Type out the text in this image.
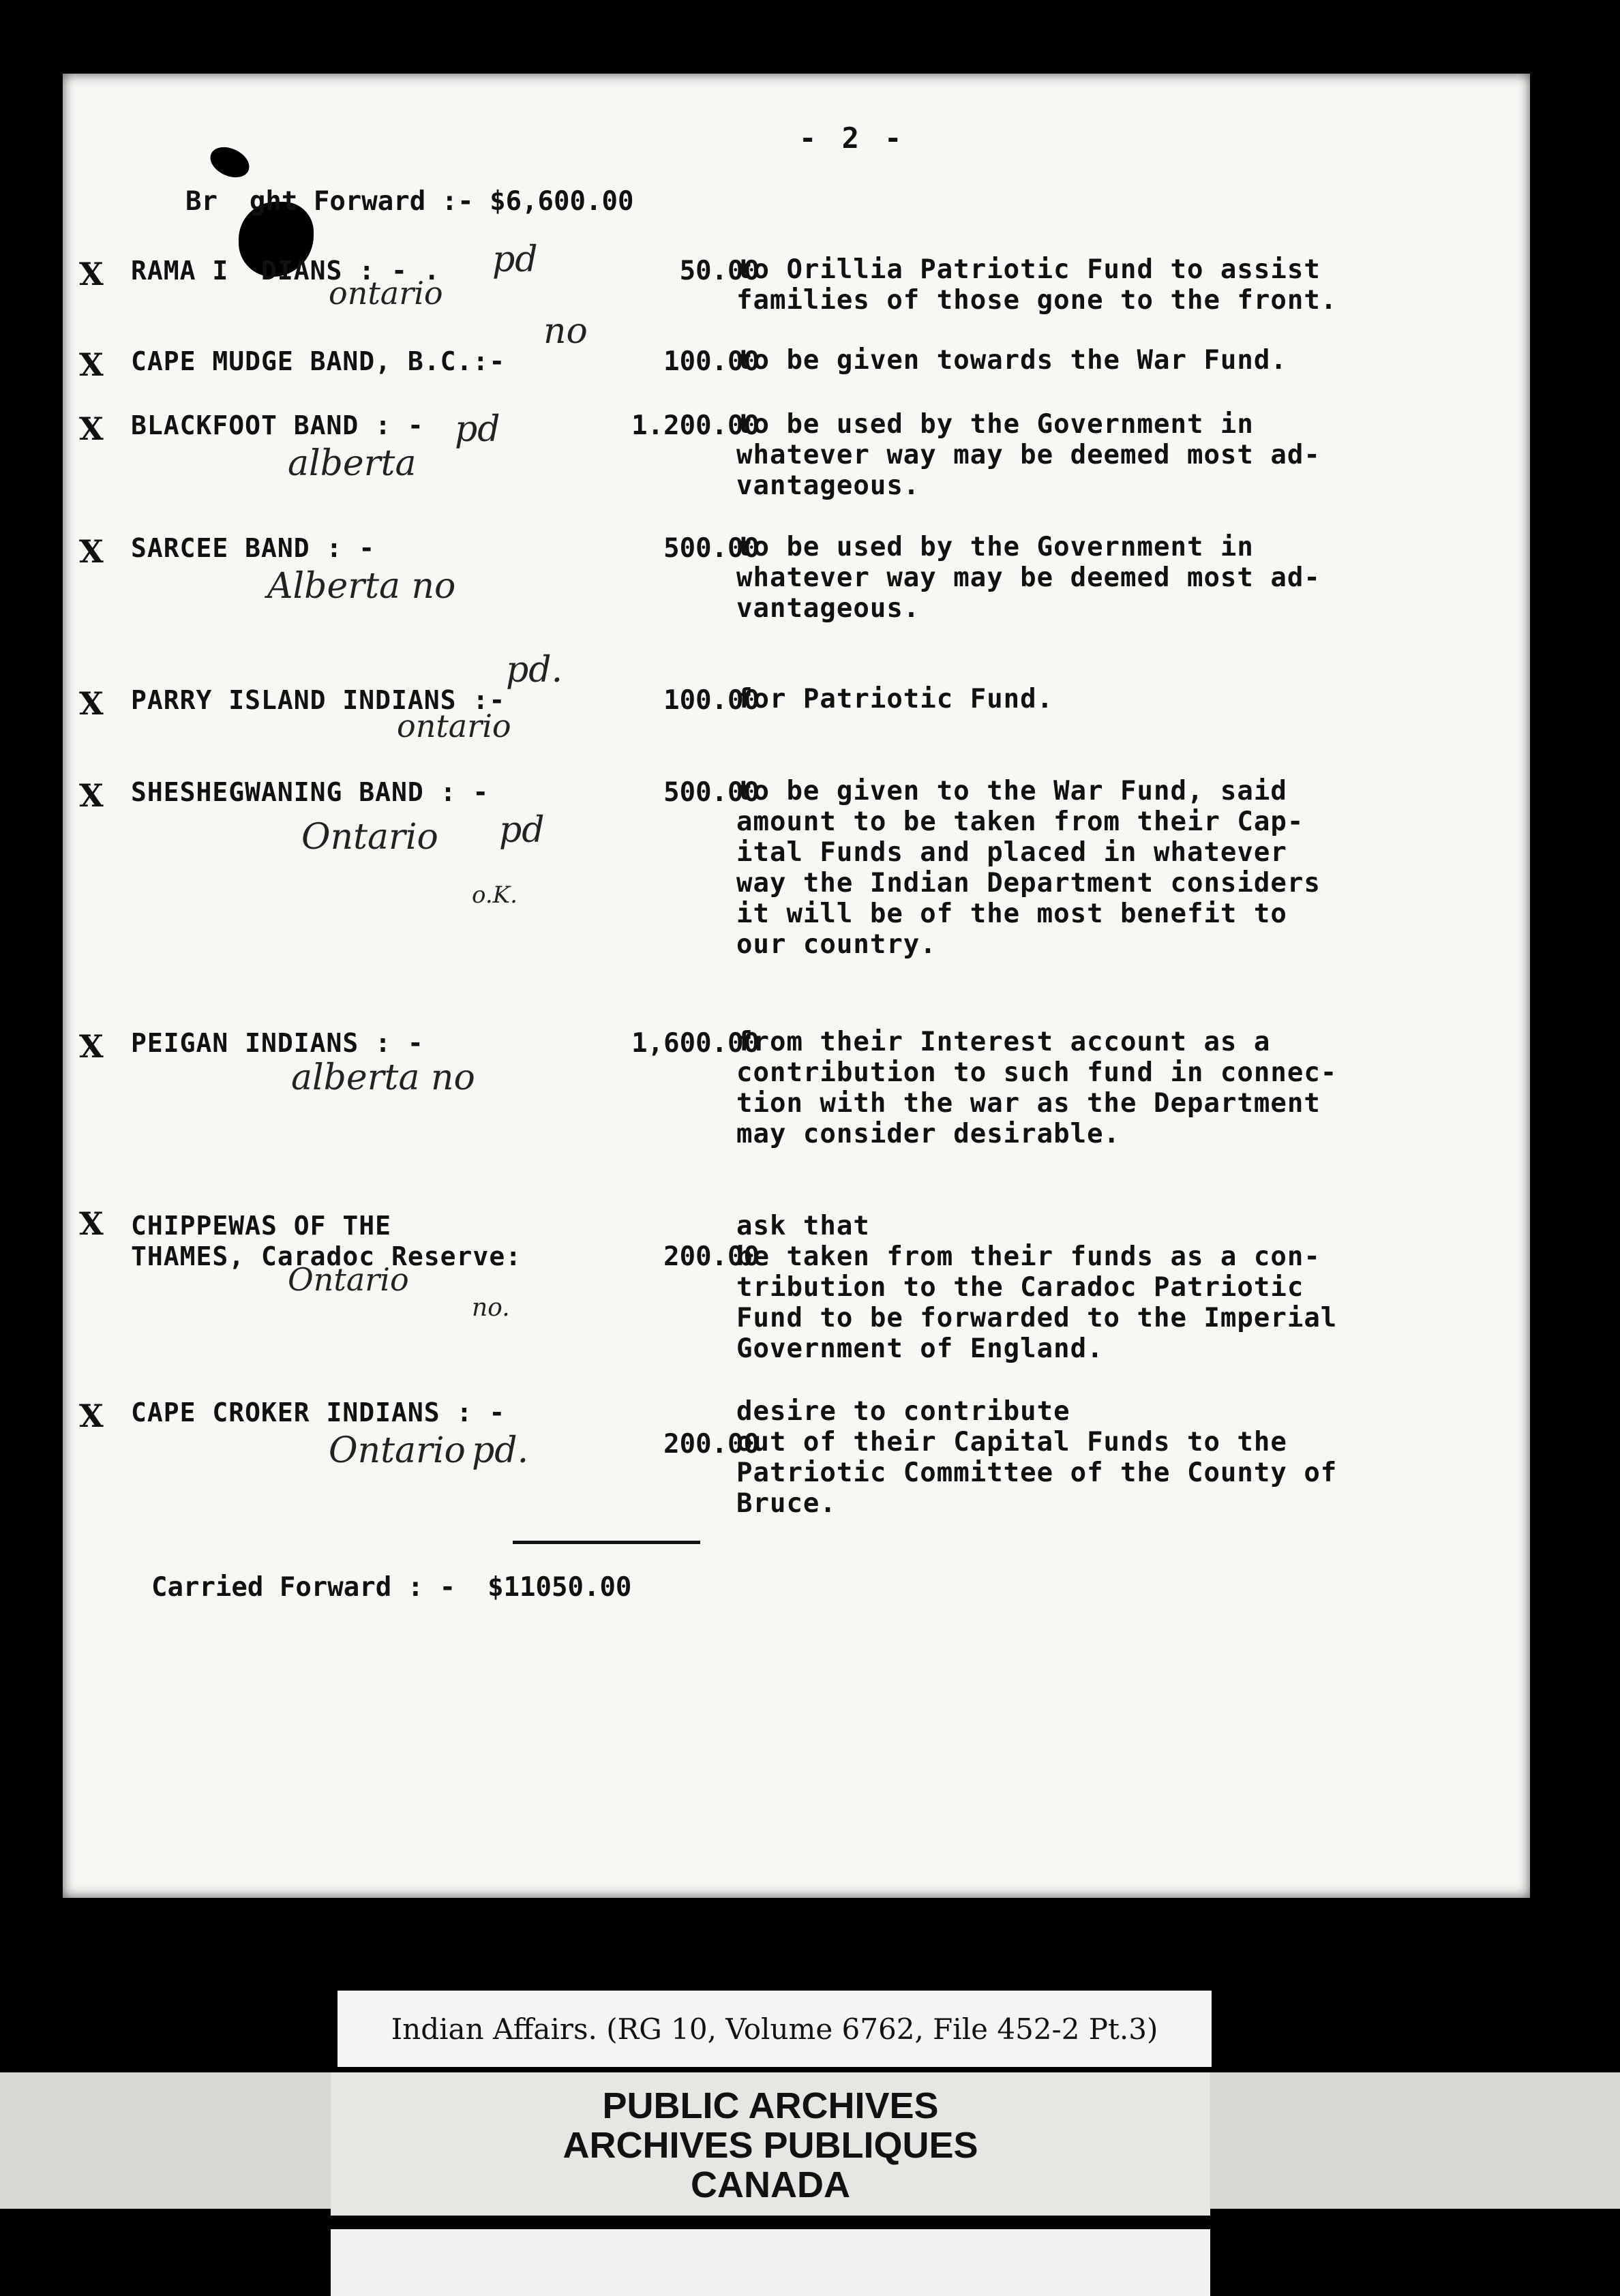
- 2 -
Br  ght Forward :- $6,600.00
X RAMA I  DIANS : - . pd
ontario
50.00
to Orillia Patriotic Fund to assist
families of those gone to the front.
X CAPE MUDGE BAND, B.C.:-
no
100.00
to be given towards the War Fund.
X BLACKFOOT BAND : - pd
alberta
1.200.00
to be used by the Government in
whatever way may be deemed most ad-
vantageous.
X SARCEE BAND : -
Alberta no
500.00
to be used by the Government in
whatever way may be deemed most ad-
vantageous.
X PARRY ISLAND INDIANS :-
pd.
ontario
100.00
for Patriotic Fund.
X SHESHEGWANING BAND : -
pd
Ontario
o.K.
500.00
to be given to the War Fund, said
amount to be taken from their Cap-
ital Funds and placed in whatever
way the Indian Department considers
it will be of the most benefit to
our country.
X PEIGAN INDIANS : -
alberta no
1,600.00
from their Interest account as a
contribution to such fund in connec-
tion with the war as the Department
may consider desirable.
X CHIPPEWAS OF THE
THAMES, Caradoc Reserve:
Ontario
no.
200.00
ask that
be taken from their funds as a con-
tribution to the Caradoc Patriotic
Fund to be forwarded to the Imperial
Government of England.
X CAPE CROKER INDIANS : -
Ontario pd.	200.00
desire to contribute
out of their Capital Funds to the
Patriotic Committee of the County of
Bruce.
Carried Forward : -  $11050.00
Indian Affairs. (RG 10, Volume 6762, File 452-2 Pt.3)
PUBLIC ARCHIVES
ARCHIVES PUBLIQUES
CANADA
